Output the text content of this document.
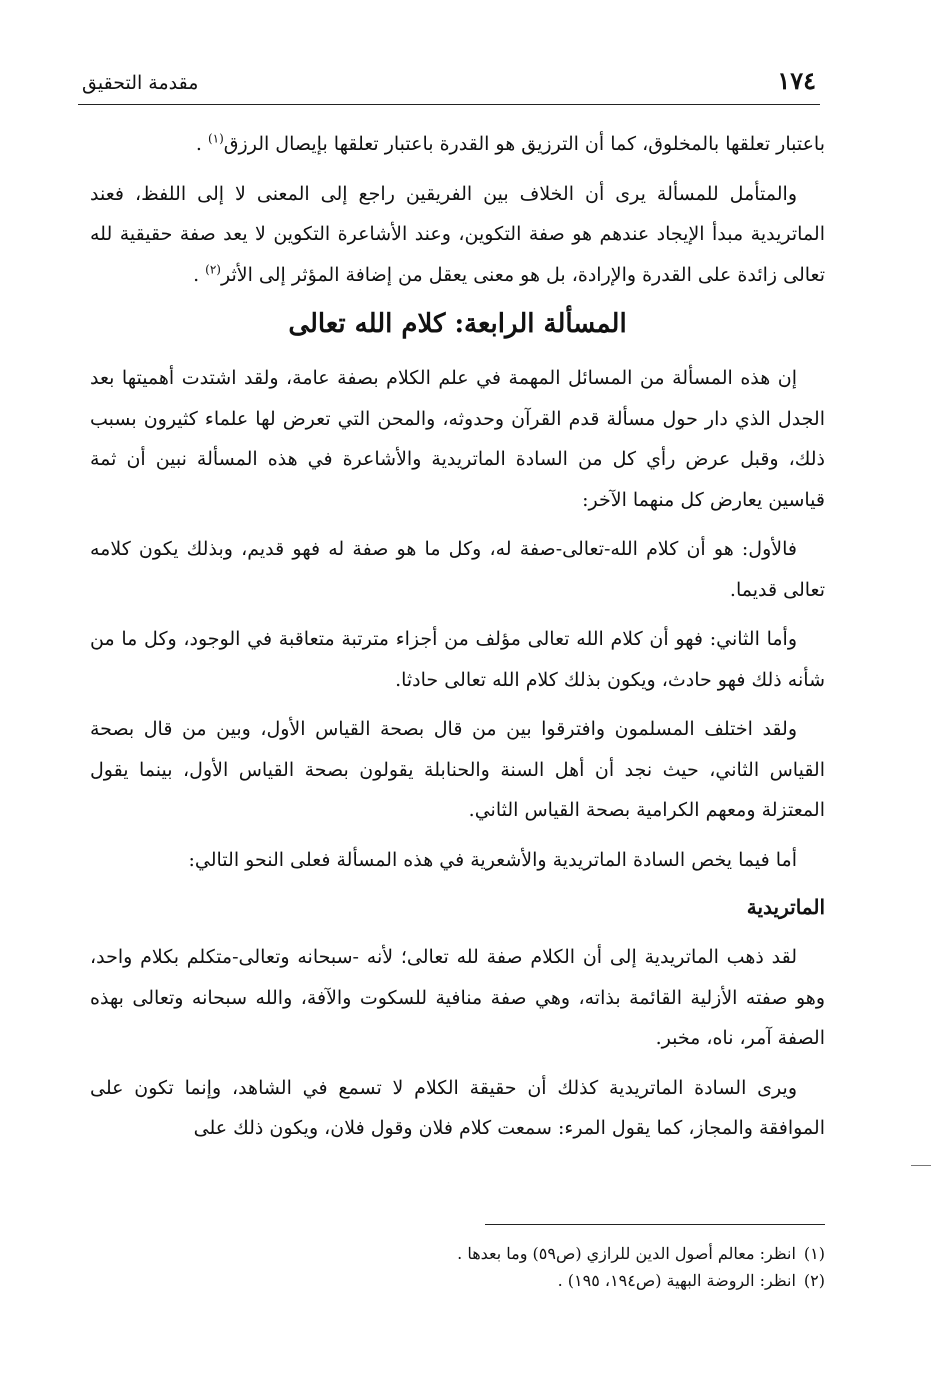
١٧٤
مقدمة التحقيق

باعتبار تعلقها بالمخلوق، كما أن الترزيق هو القدرة باعتبار تعلقها بإيصال الرزق$^{(١)}$ .

والمتأمل للمسألة يرى أن الخلاف بين الفريقين راجع إلى المعنى لا إلى اللفظ، فعند الماتريدية مبدأ الإيجاد عندهم هو صفة التكوين، وعند الأشاعرة التكوين لا يعد صفة حقيقية لله تعالى زائدة على القدرة والإرادة، بل هو معنى يعقل من إضافة المؤثر إلى الأثر$^{(٢)}$ .

المسألة الرابعة: كلام الله تعالى

إن هذه المسألة من المسائل المهمة في علم الكلام بصفة عامة، ولقد اشتدت أهميتها بعد الجدل الذي دار حول مسألة قدم القرآن وحدوثه، والمحن التي تعرض لها علماء كثيرون بسبب ذلك، وقبل عرض رأي كل من السادة الماتريدية والأشاعرة في هذه المسألة نبين أن ثمة قياسين يعارض كل منهما الآخر:

فالأول: هو أن كلام الله-تعالى-صفة له، وكل ما هو صفة له فهو قديم، وبذلك يكون كلامه تعالى قديما.

وأما الثاني: فهو أن كلام الله تعالى مؤلف من أجزاء مترتبة متعاقبة في الوجود، وكل ما من شأنه ذلك فهو حادث، ويكون بذلك كلام الله تعالى حادثا.

ولقد اختلف المسلمون وافترقوا بين من قال بصحة القياس الأول، وبين من قال بصحة القياس الثاني، حيث نجد أن أهل السنة والحنابلة يقولون بصحة القياس الأول، بينما يقول المعتزلة ومعهم الكرامية بصحة القياس الثاني.

أما فيما يخص السادة الماتريدية والأشعرية في هذه المسألة فعلى النحو التالي:

الماتريدية

لقد ذهب الماتريدية إلى أن الكلام صفة لله تعالى؛ لأنه -سبحانه وتعالى-متكلم بكلام واحد، وهو صفته الأزلية القائمة بذاته، وهي صفة منافية للسكوت والآفة، والله سبحانه وتعالى بهذه الصفة آمر، ناه، مخبر.

ويرى السادة الماتريدية كذلك أن حقيقة الكلام لا تسمع في الشاهد، وإنما تكون على الموافقة والمجاز، كما يقول المرء: سمعت كلام فلان وقول فلان، ويكون ذلك على

(١)انظر: معالم أصول الدين للرازي (ص٥٩) وما بعدها .

(٢)انظر: الروضة البهية (ص١٩٤، ١٩٥) .
